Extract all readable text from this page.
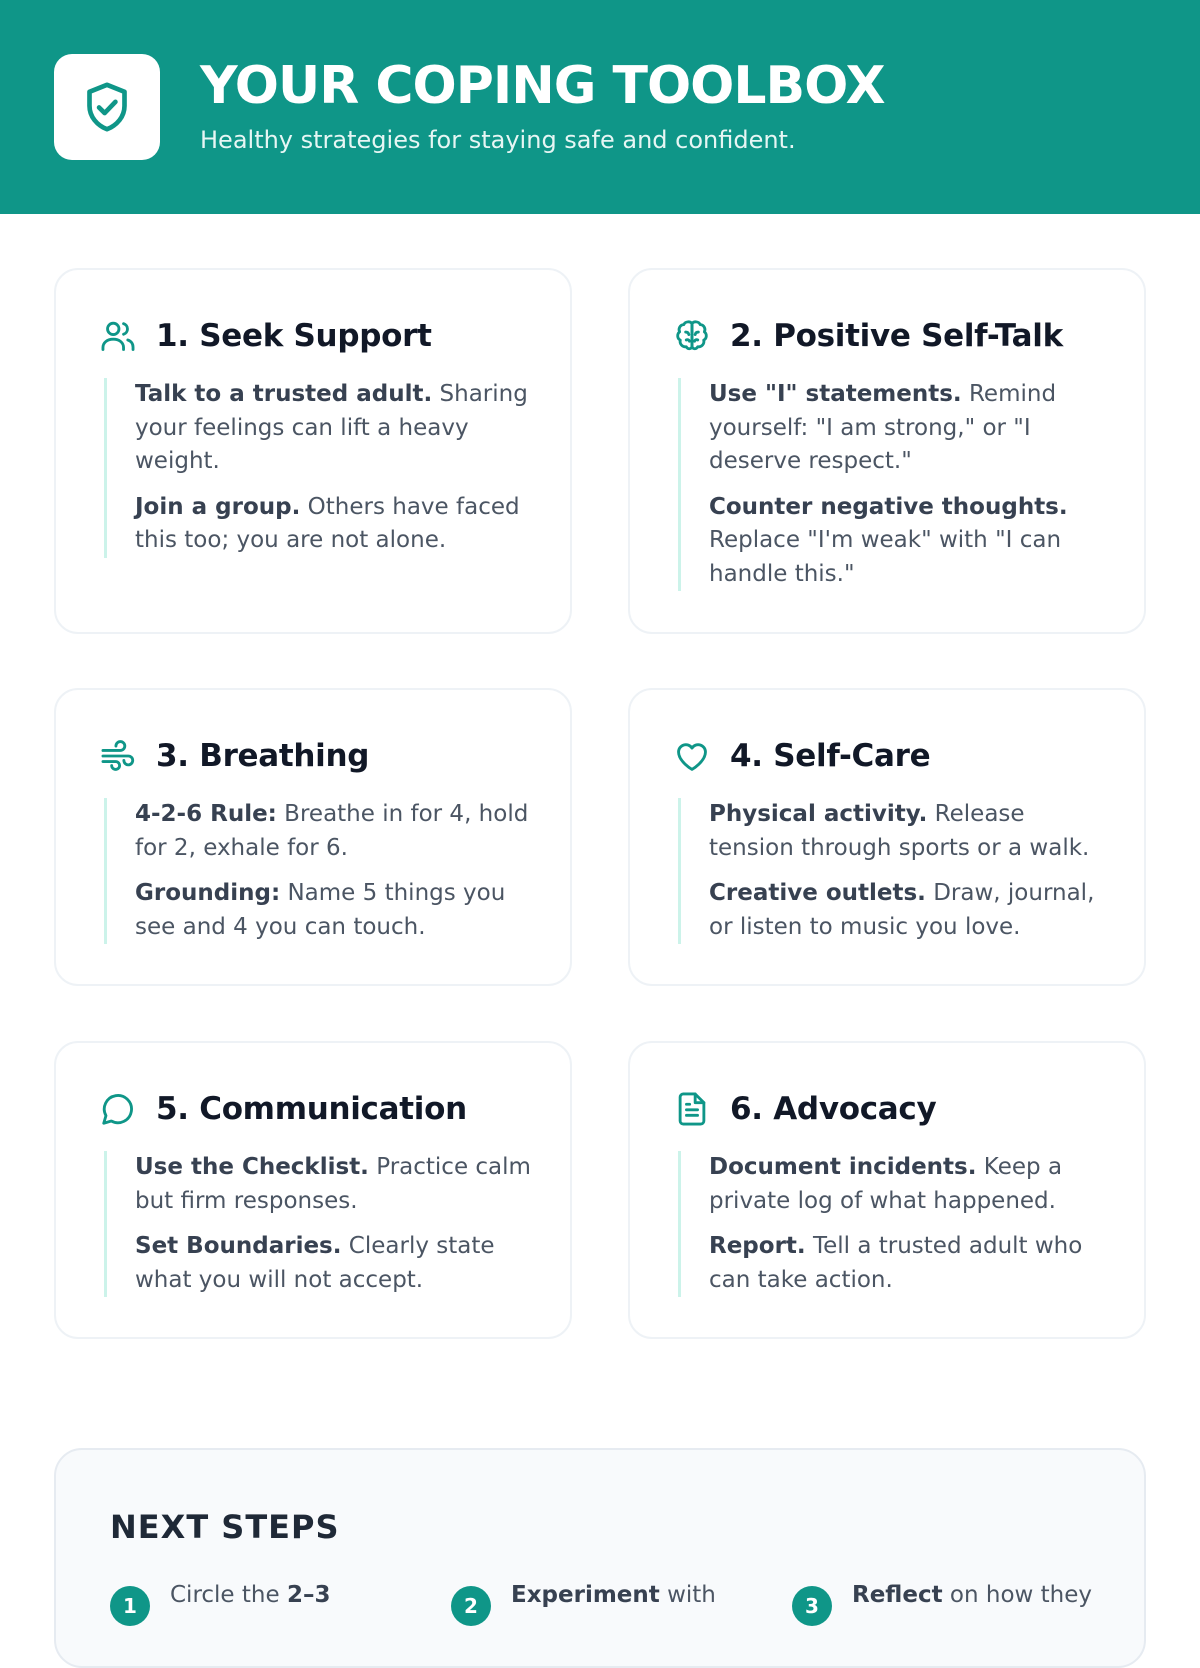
YOUR COPING TOOLBOX
Healthy strategies for staying safe and confident.
1. Seek Support

Talk to a trusted adult. Sharing your feelings can lift a heavy weight.

Join a group. Others have faced this too; you are not alone.

2. Positive Self-Talk

Use "I" statements. Remind yourself: "I am strong," or "I deserve respect."

Counter negative thoughts. Replace "I'm weak" with "I can handle this."

3. Breathing

4-2-6 Rule: Breathe in for 4, hold for 2, exhale for 6.

Grounding: Name 5 things you see and 4 you can touch.

4. Self-Care

Physical activity. Release tension through sports or a walk.

Creative outlets. Draw, journal, or listen to music you love.

5. Communication

Use the Checklist. Practice calm but firm responses.

Set Boundaries. Clearly state what you will not accept.

6. Advocacy

Document incidents. Keep a private log of what happened.

Report. Tell a trusted adult who can take action.

NEXT STEPS
1	Circle the 2–3	2	Experiment with	3	Reflect on how they
